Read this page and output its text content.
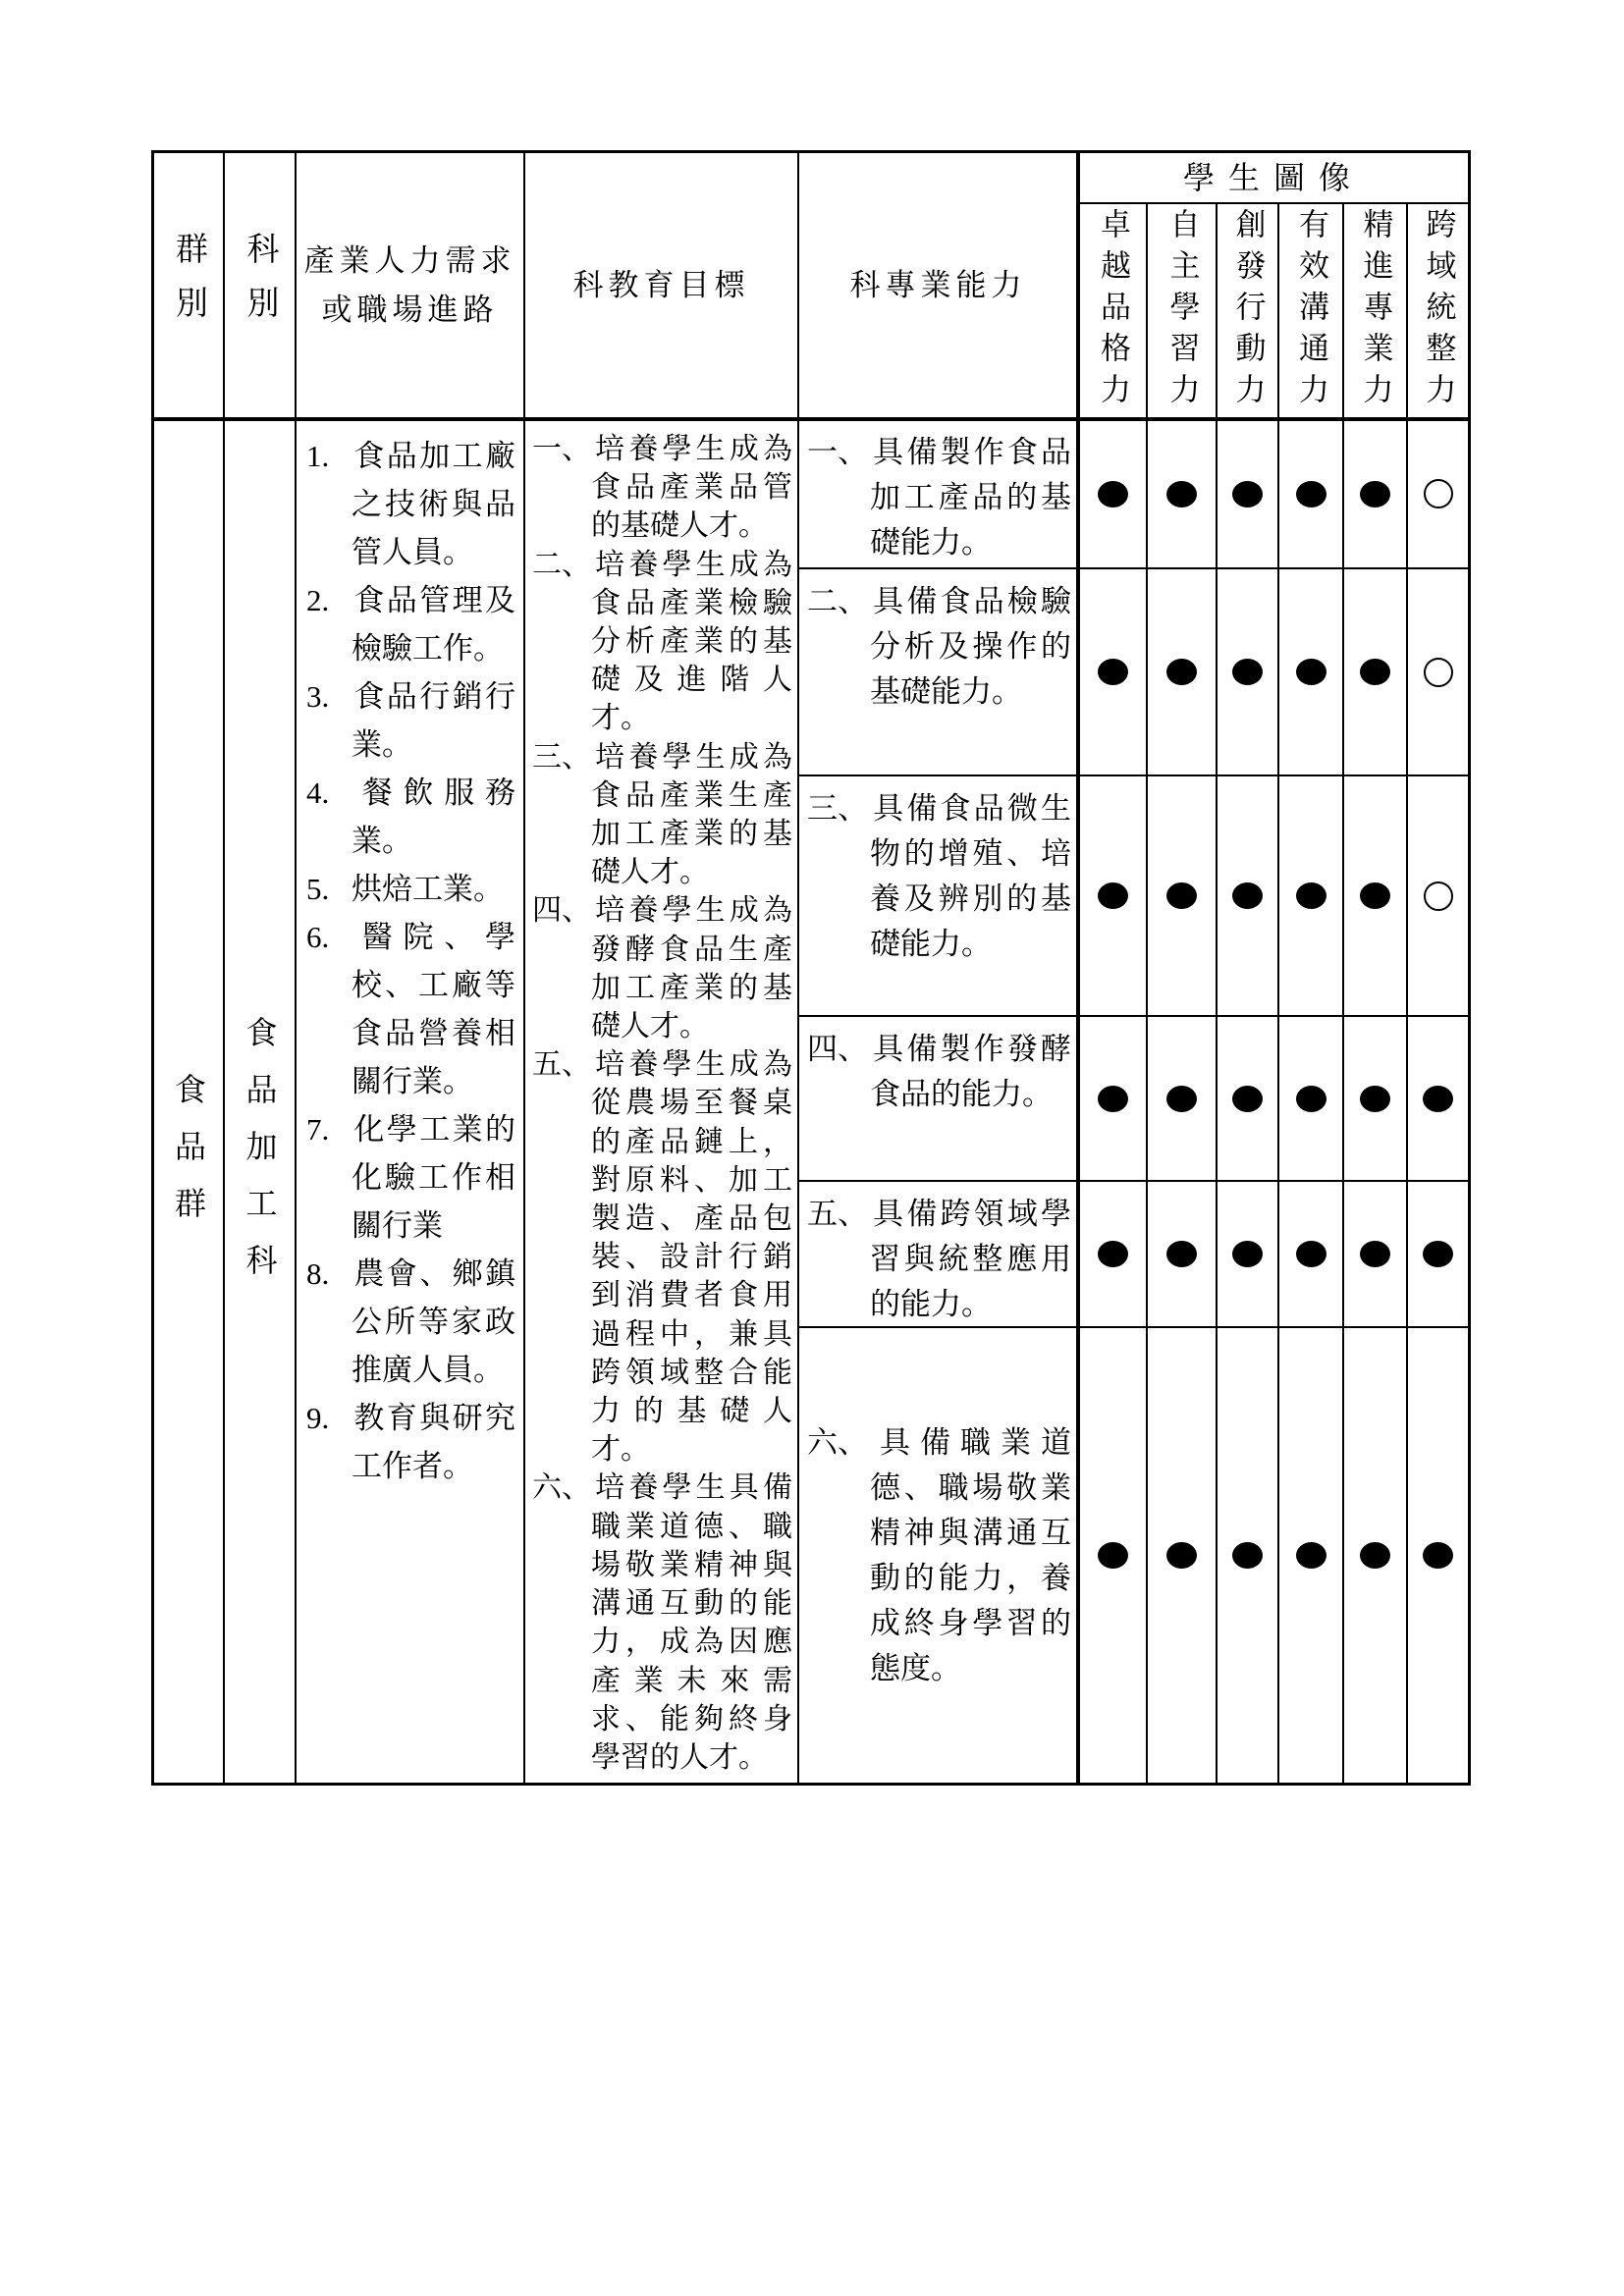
群別 科別 產業人力需求
或職場進路
科教育目標	科專業能力
學生圖像
卓越品格力 自主學習力 創發行動力 有效溝通力 精進專業力 跨域統整力
食品群 食品加工科
1. 食品加工廠之技術與品管人員。
2. 食品管理及檢驗工作。
3. 食品行銷行業。
4. 餐飲服務業。
5. 烘焙工業。
6. 醫院、學校、工廠等食品營養相關行業。
7. 化學工業的化驗工作相關行業
8. 農會、鄉鎮公所等家政推廣人員。
9. 教育與研究工作者。
一、培養學生成為食品產業品管的基礎人才。
二、培養學生成為食品產業檢驗分析產業的基礎及進階人才。
三、培養學生成為食品產業生產加工產業的基礎人才。
四、培養學生成為發酵食品生產加工產業的基礎人才。
五、培養學生成為從農場至餐桌的產品鏈上，對原料、加工製造、產品包裝、設計行銷到消費者食用過程中，兼具跨領域整合能力的基礎人才。
六、培養學生具備職業道德、職場敬業精神與溝通互動的能力，成為因應產業未來需求、能夠終身學習的人才。
一、具備製作食品加工產品的基礎能力。
二、具備食品檢驗分析及操作的基礎能力。
三、具備食品微生物的增殖、培養及辨別的基礎能力。
四、具備製作發酵食品的能力。
五、具備跨領域學習與統整應用的能力。
六、具備職業道德、職場敬業精神與溝通互動的能力，養成終身學習的態度。
